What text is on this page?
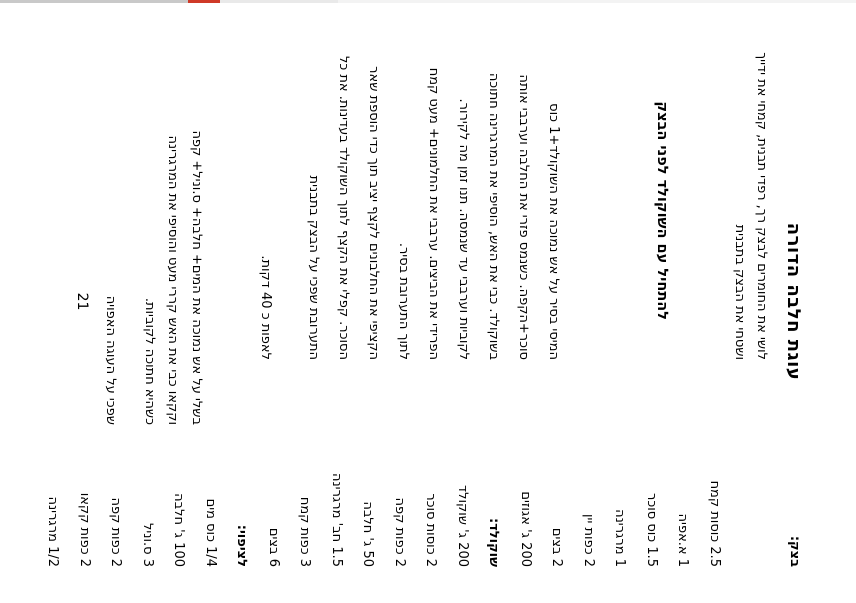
עוגת חלבה הדורה
בצק:
2.5 כוסות קמח
1 א.אפיה
1.5 כוס סוכר
1 מרגרינה
2 כפות יין
2 בצים
200 ג' אגוזים
שוקולד:
200 ג' שוקולד
2 כוסות סוכר
2 כפות קפה
50 ג' חלבה
1.5 חב' מרגרינה
3 כפות קמח
6 בצים
לציפוי:
1/4 כוס מים
100 ג' חלבה
3 ס.וניל
2 כפות קפה
2 כפות קקאו
1/2 מרגרינה
לושי את החומרים לבצק רך, רפדי תבנית, קמחי את ידייך
ושטחי את הבצק בתבנית
להתחיל עם השוקולד לפני הבצק
המיסי בסיר על אש נמוכה את השוקולד+1 כוס
סוכר+הקפה. כשנמס פזרי את החלבה וערבבי אותה
בשוקולד. כבי את האש, הוסיפי את המרגרינה חתוכה
לקוביות וערבבי עד שנמסה. תנו זמן מה לקירור.
הפרידי את הביצים. ערבבי את החלמונים+ מעט קמח
לתוך התערובת בסיר.
הקציפי את החלבונים לקצף יציב תוך כדי הוספת שאר
הסוכר. קפלי את הקצף לתוך השוקולד בעדינות. את כל
התערובת שפכי על הבצק בתבנית
לאפות כ 40 דקות.
בשלי על אש נמוכה את המים+ חלבה+ ס.וניל+ קפה
וקקאו כבי את האש קררי מעט והוסיפי את המרגרינה
כשהיא חתוכה לקוביות.
שפכי על העוגה האפויה
21
